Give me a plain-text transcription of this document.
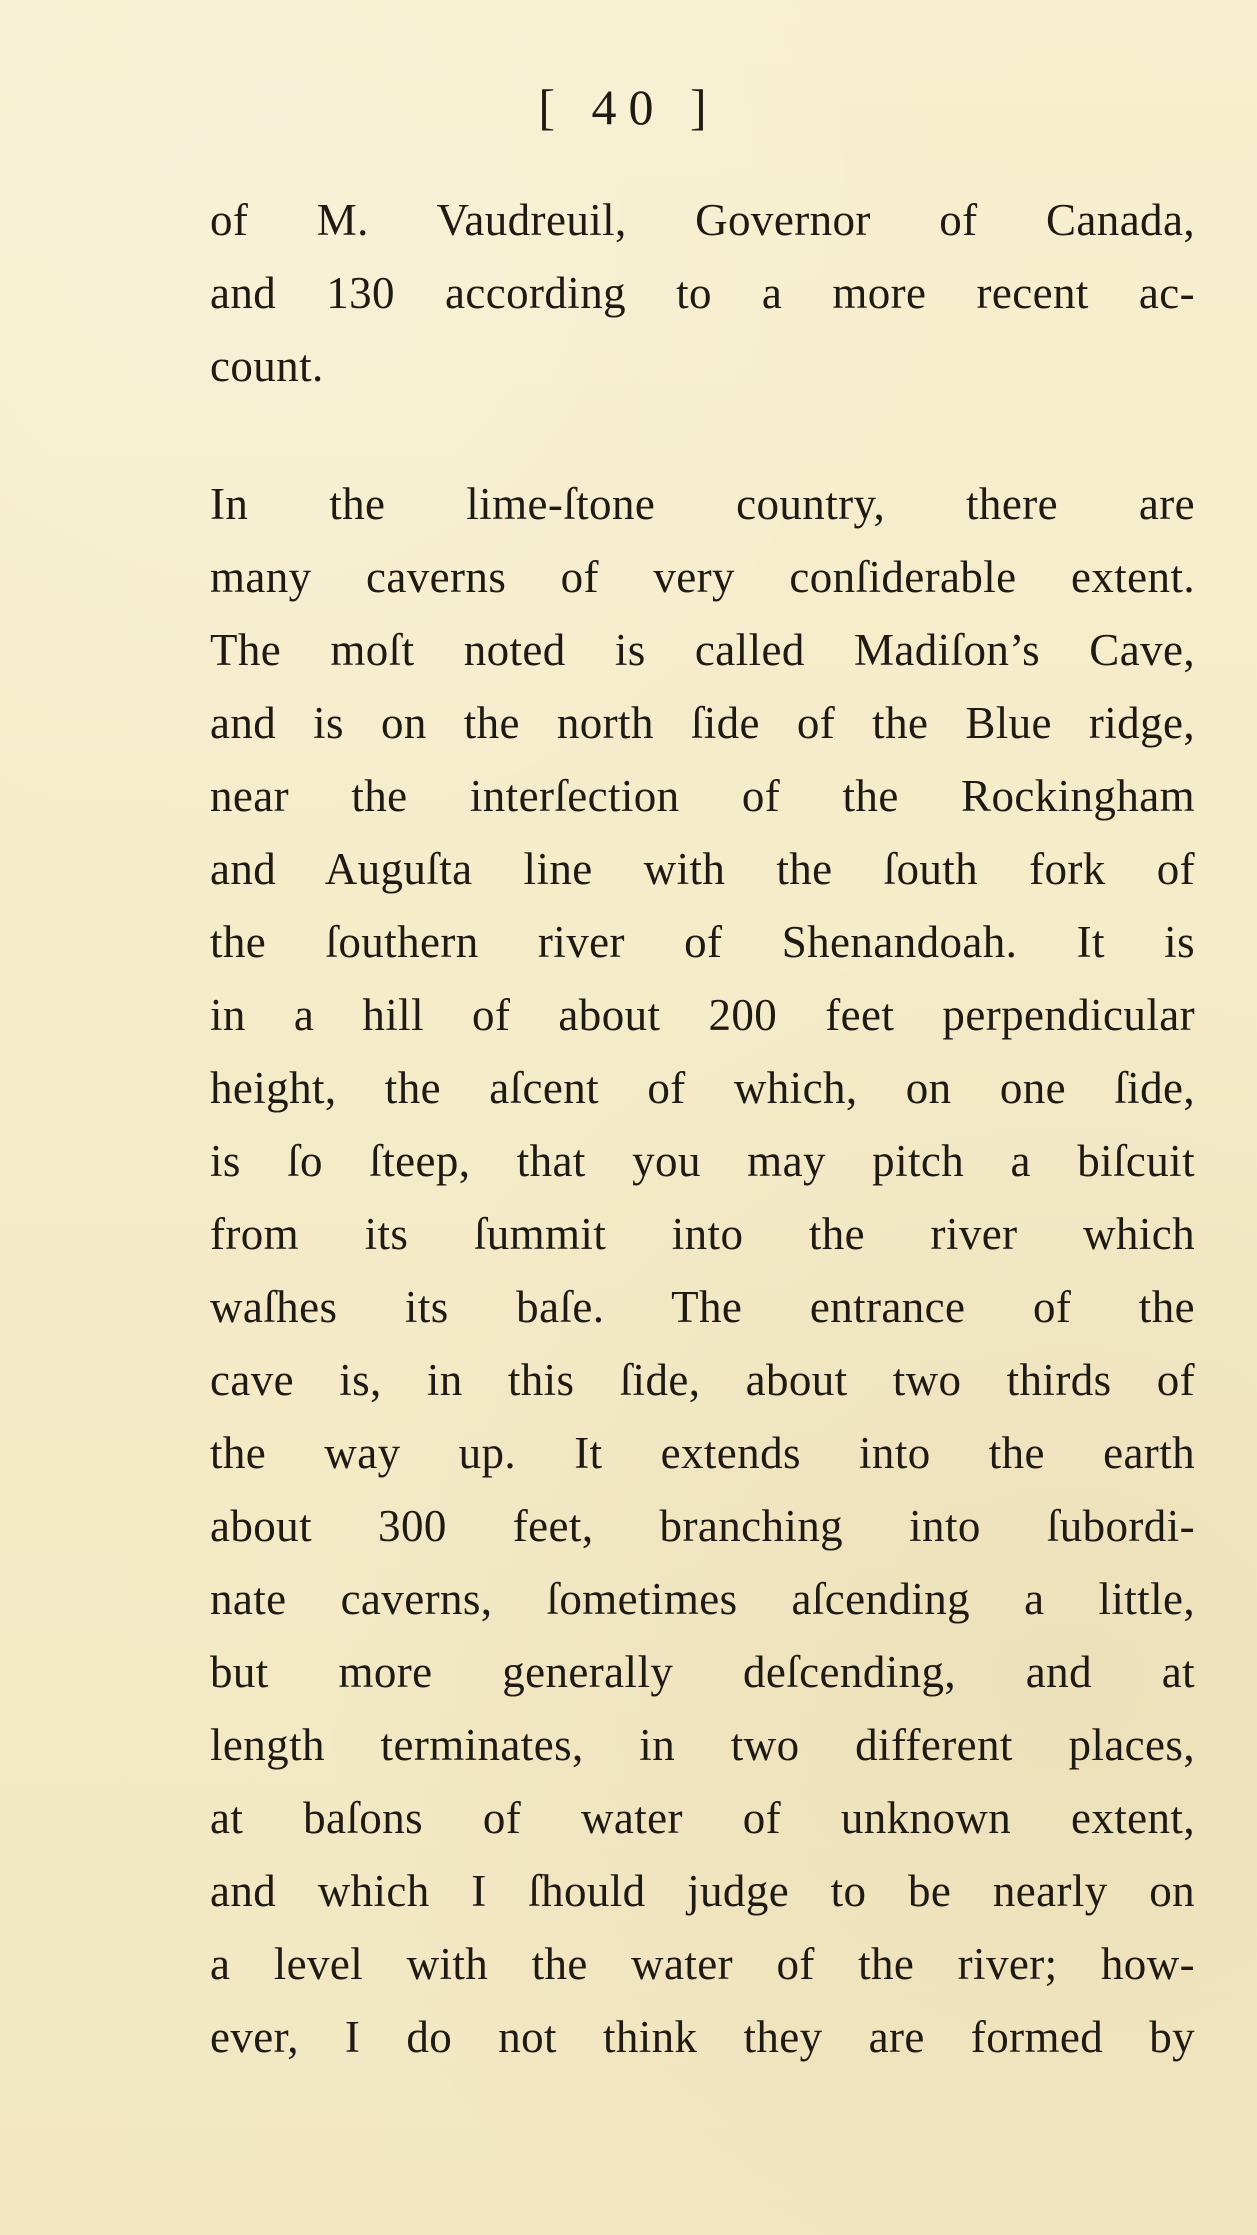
[ 40 ]
of M. Vaudreuil, Governor of Canada,
and 130 according to a more recent ac-
count.
In the lime-ſtone country, there are
many caverns of very conſiderable extent.
The moſt noted is called Madiſon’s Cave,
and is on the north ſide of the Blue ridge,
near the interſection of the Rockingham
and Auguſta line with the ſouth fork of
the ſouthern river of Shenandoah. It is
in a hill of about 200 feet perpendicular
height, the aſcent of which, on one ſide,
is ſo ſteep, that you may pitch a biſcuit
from its ſummit into the river which
waſhes its baſe. The entrance of the
cave is, in this ſide, about two thirds of
the way up. It extends into the earth
about 300 feet, branching into ſubordi-
nate caverns, ſometimes aſcending a little,
but more generally deſcending, and at
length terminates, in two different places,
at baſons of water of unknown extent,
and which I ſhould judge to be nearly on
a level with the water of the river; how-
ever, I do not think they are formed by
